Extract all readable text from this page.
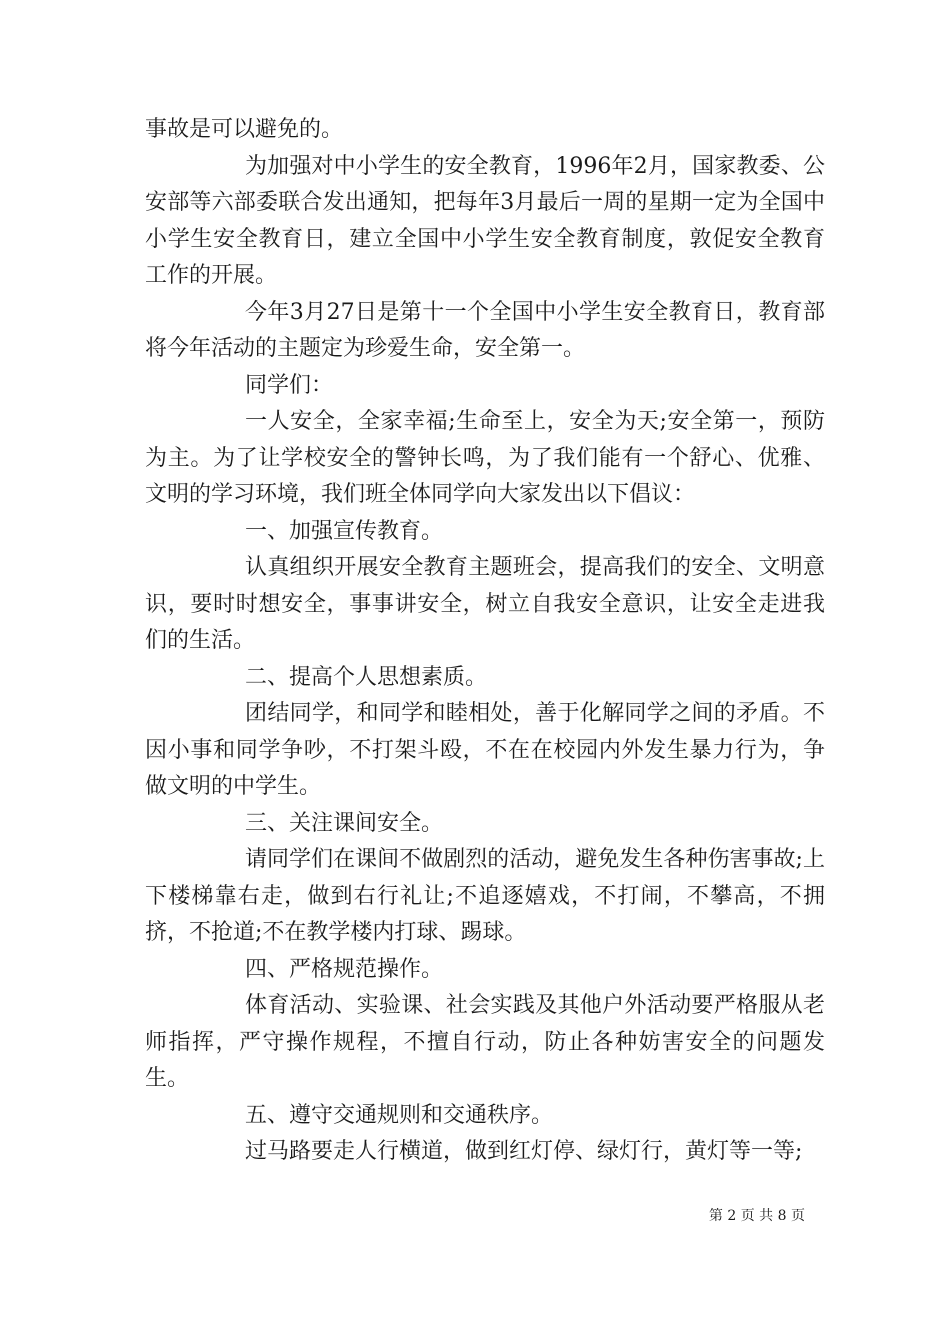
事故是可以避免的。

为加强对中小学生的安全教育，1996年2月，国家教委、公安部等六部委联合发出通知，把每年3月最后一周的星期一定为全国中小学生安全教育日，建立全国中小学生安全教育制度，敦促安全教育工作的开展。

今年3月27日是第十一个全国中小学生安全教育日，教育部将今年活动的主题定为珍爱生命，安全第一。

同学们：

一人安全，全家幸福;生命至上，安全为天;安全第一，预防为主。为了让学校安全的警钟长鸣，为了我们能有一个舒心、优雅、文明的学习环境，我们班全体同学向大家发出以下倡议：

一、加强宣传教育。

认真组织开展安全教育主题班会，提高我们的安全、文明意识，要时时想安全，事事讲安全，树立自我安全意识，让安全走进我们的生活。

二、提高个人思想素质。

团结同学，和同学和睦相处，善于化解同学之间的矛盾。不因小事和同学争吵，不打架斗殴，不在在校园内外发生暴力行为，争做文明的中学生。

三、关注课间安全。

请同学们在课间不做剧烈的活动，避免发生各种伤害事故;上下楼梯靠右走，做到右行礼让;不追逐嬉戏，不打闹，不攀高，不拥挤，不抢道;不在教学楼内打球、踢球。

四、严格规范操作。

体育活动、实验课、社会实践及其他户外活动要严格服从老师指挥，严守操作规程，不擅自行动，防止各种妨害安全的问题发生。

五、遵守交通规则和交通秩序。

过马路要走人行横道，做到红灯停、绿灯行，黄灯等一等;

第 2 页 共 8 页
